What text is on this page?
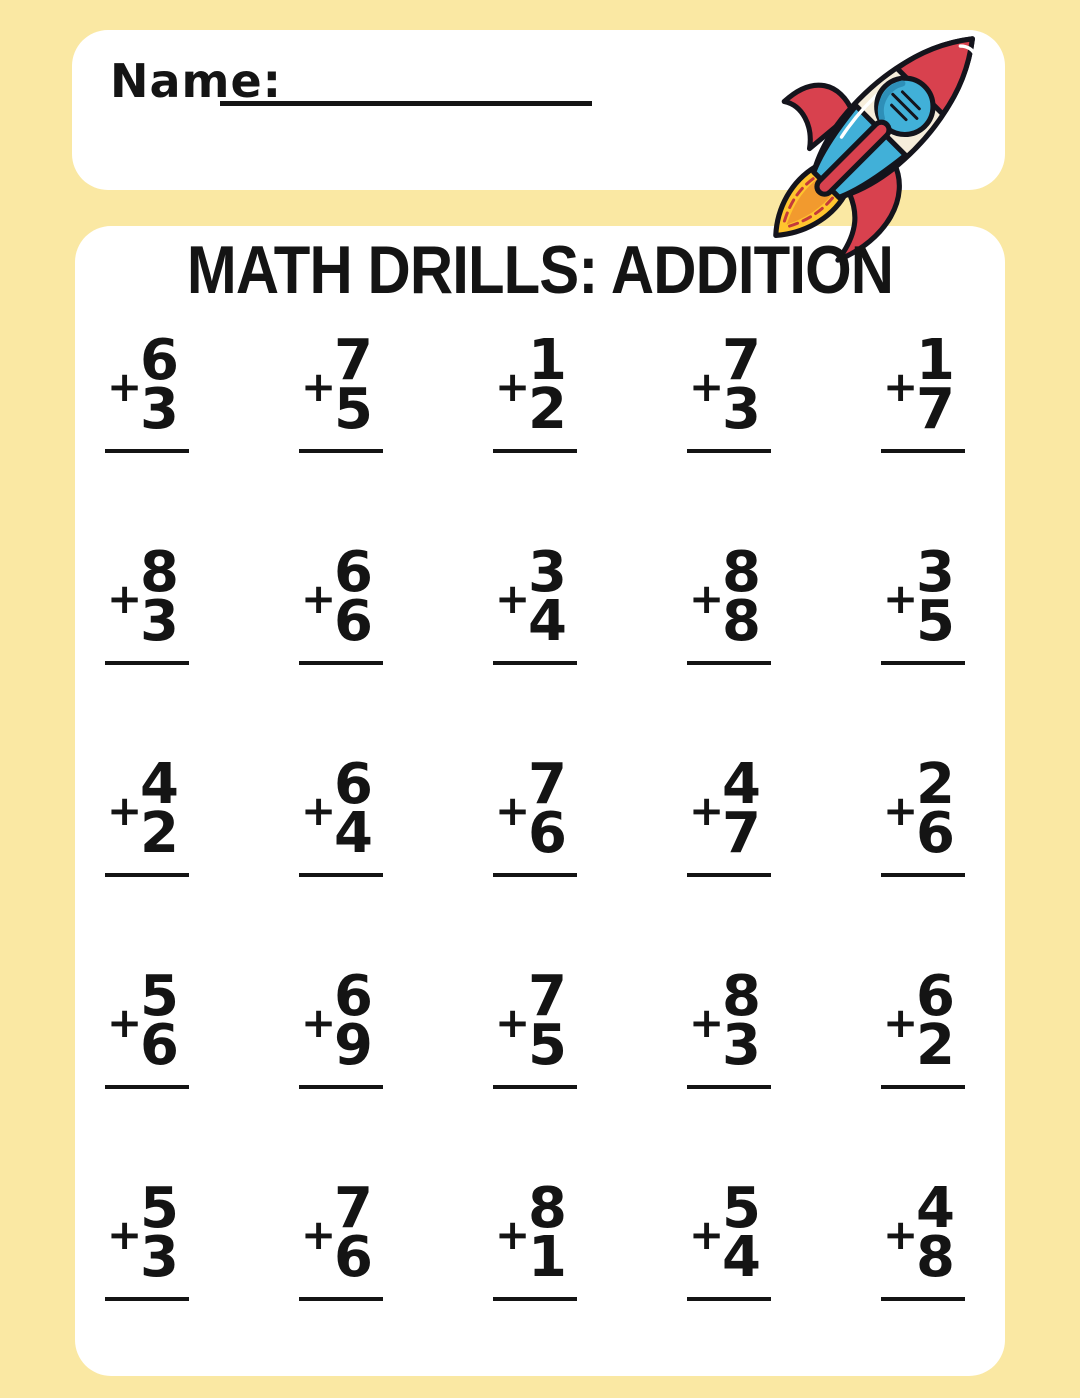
Name:
MATH DRILLS: ADDITION
6
+
3
7
+
5
1
+
2
7
+
3
1
+
7
8
+
3
6
+
6
3
+
4
8
+
8
3
+
5
4
+
2
6
+
4
7
+
6
4
+
7
2
+
6
5
+
6
6
+
9
7
+
5
8
+
3
6
+
2
5
+
3
7
+
6
8
+
1
5
+
4
4
+
8
